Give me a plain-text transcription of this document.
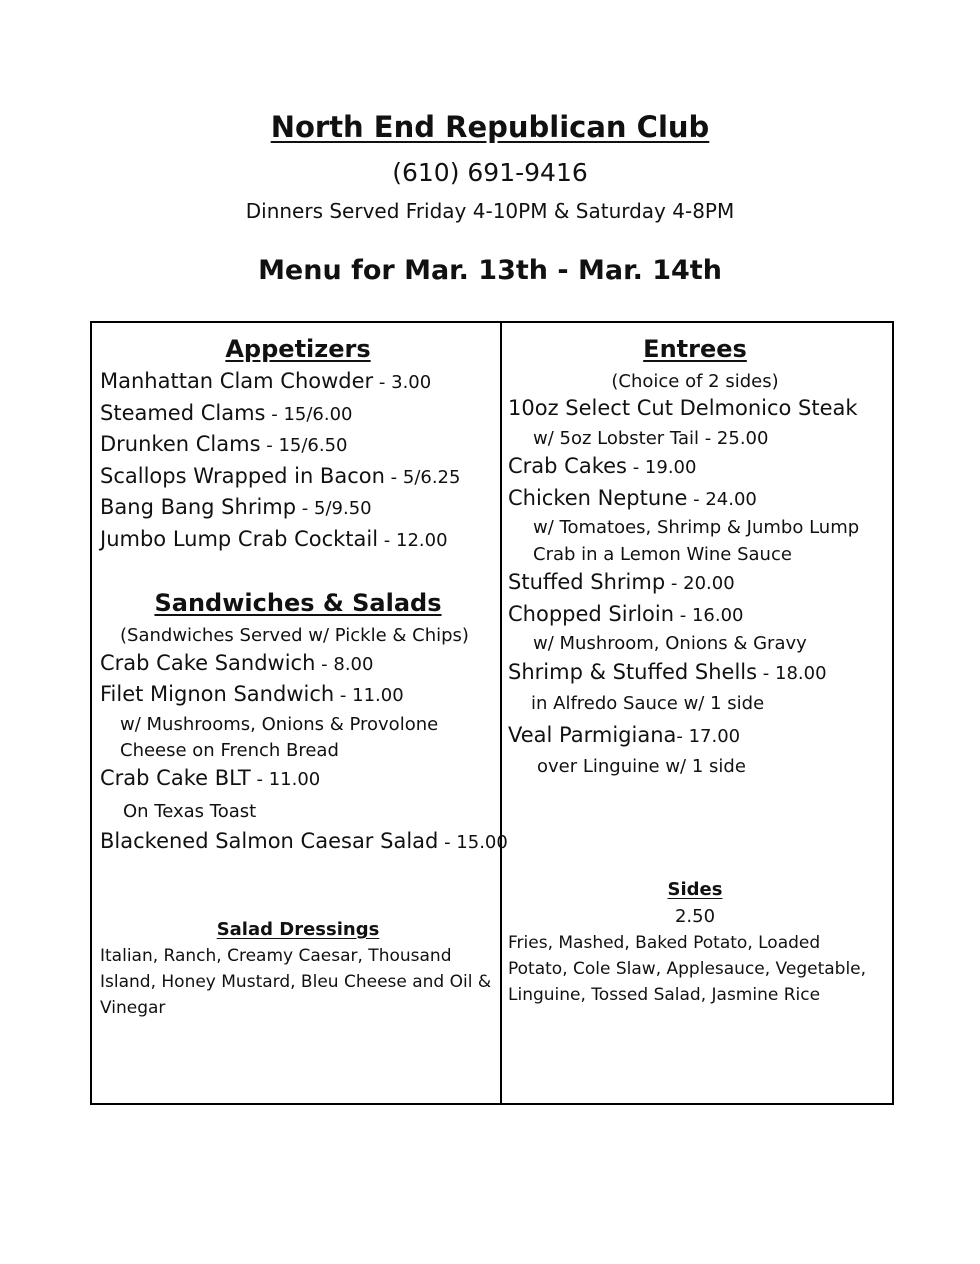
North End Republican Club
(610) 691-9416
Dinners Served Friday 4-10PM & Saturday 4-8PM
Menu for Mar. 13th - Mar. 14th
Appetizers
Manhattan Clam Chowder - 3.00
Steamed Clams - 15/6.00
Drunken Clams - 15/6.50
Scallops Wrapped in Bacon - 5/6.25
Bang Bang Shrimp - 5/9.50
Jumbo Lump Crab Cocktail - 12.00
Sandwiches & Salads
(Sandwiches Served w/ Pickle & Chips)
Crab Cake Sandwich - 8.00
Filet Mignon Sandwich - 11.00
w/ Mushrooms, Onions & Provolone
Cheese on French Bread
Crab Cake BLT - 11.00
On Texas Toast
Blackened Salmon Caesar Salad - 15.00
Salad Dressings
Italian, Ranch, Creamy Caesar, Thousand Island, Honey Mustard, Bleu Cheese and Oil & Vinegar
Entrees
(Choice of 2 sides)
10oz Select Cut Delmonico Steak
w/ 5oz Lobster Tail - 25.00
Crab Cakes - 19.00
Chicken Neptune - 24.00
w/ Tomatoes, Shrimp & Jumbo Lump
Crab in a Lemon Wine Sauce
Stuffed Shrimp - 20.00
Chopped Sirloin - 16.00
w/ Mushroom, Onions & Gravy
Shrimp & Stuffed Shells - 18.00
in Alfredo Sauce w/ 1 side
Veal Parmigiana- 17.00
over Linguine w/ 1 side
Sides
2.50
Fries, Mashed, Baked Potato, Loaded Potato, Cole Slaw, Applesauce, Vegetable, Linguine, Tossed Salad, Jasmine Rice
